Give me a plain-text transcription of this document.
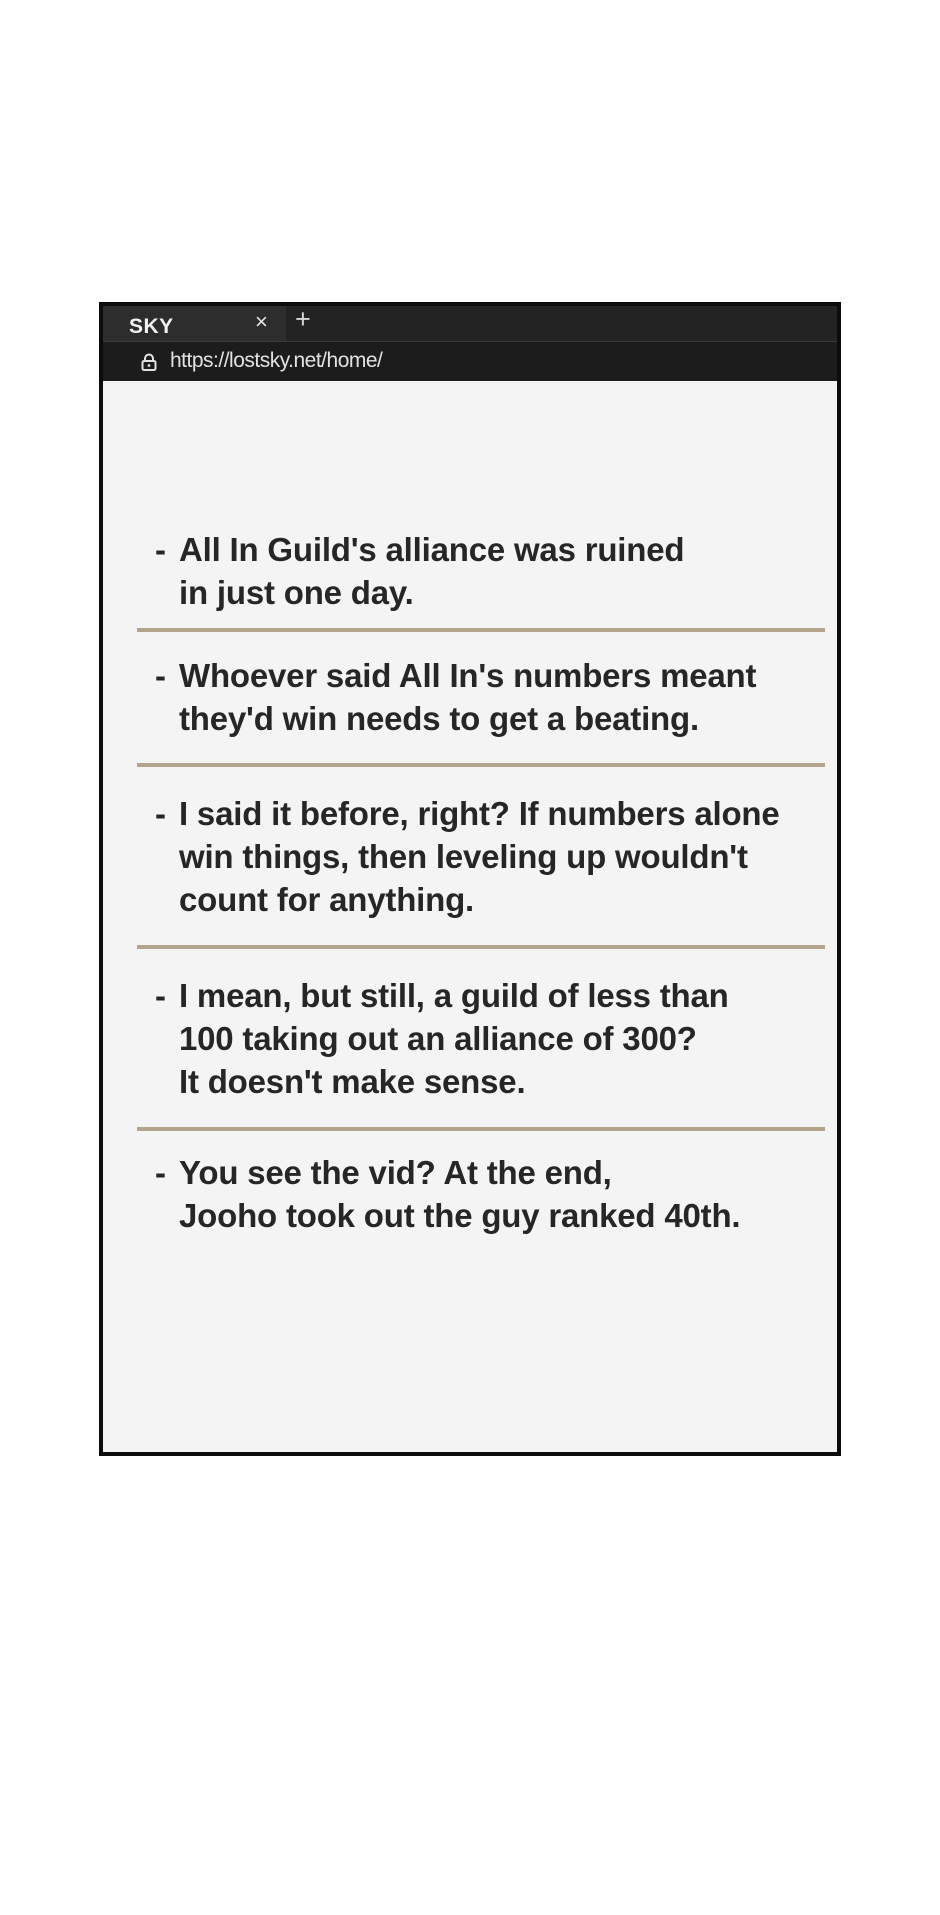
SKY	× +
https://lostsky.net/home/
- All In Guild's alliance was ruined
in just one day.
- Whoever said All In's numbers meant
they'd win needs to get a beating.
- I said it before, right? If numbers alone
win things, then leveling up wouldn't
count for anything.
- I mean, but still, a guild of less than
100 taking out an alliance of 300?
It doesn't make sense.
- You see the vid? At the end,
Jooho took out the guy ranked 40th.
